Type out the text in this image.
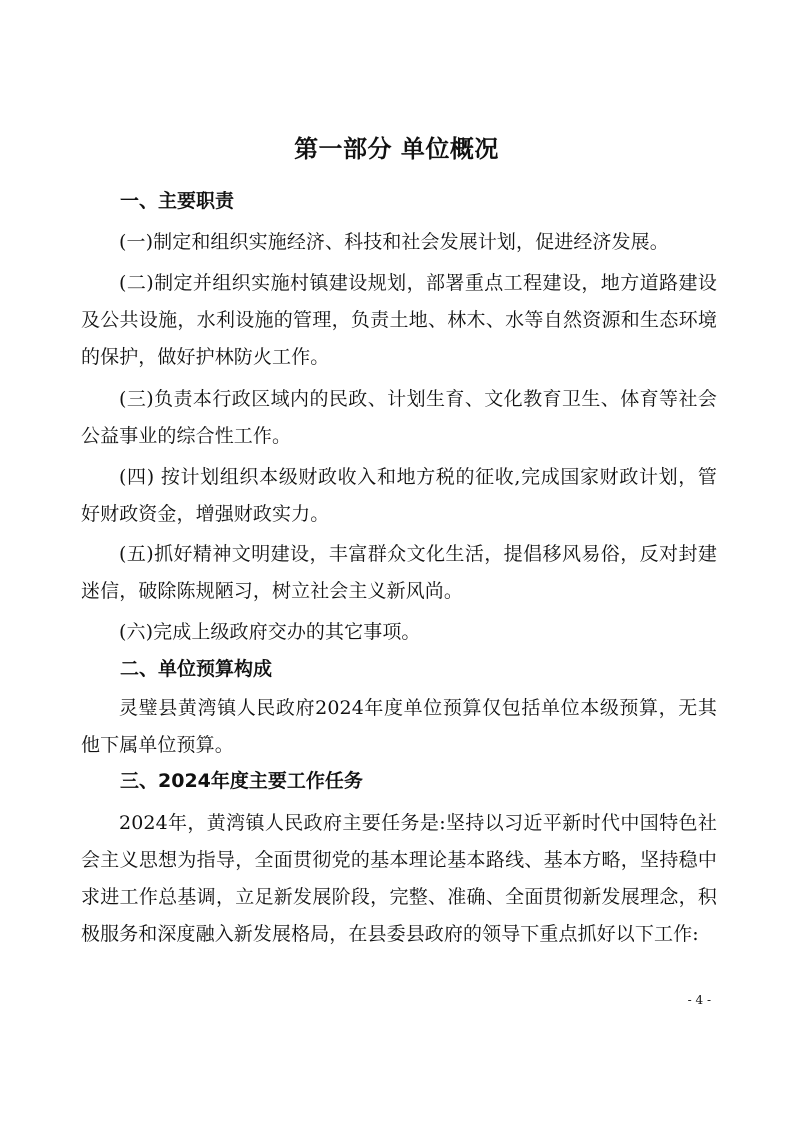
第一部分 单位概况

一、主要职责

(一)制定和组织实施经济、科技和社会发展计划，促进经济发展。

(二)制定并组织实施村镇建设规划，部署重点工程建设，地方道路建设及公共设施，水利设施的管理，负责土地、林木、水等自然资源和生态环境的保护，做好护林防火工作。

(三)负责本行政区域内的民政、计划生育、文化教育卫生、体育等社会公益事业的综合性工作。

(四) 按计划组织本级财政收入和地方税的征收,完成国家财政计划，管好财政资金，增强财政实力。

(五)抓好精神文明建设，丰富群众文化生活，提倡移风易俗，反对封建迷信，破除陈规陋习，树立社会主义新风尚。

(六)完成上级政府交办的其它事项。

二、单位预算构成

灵璧县黄湾镇人民政府2024年度单位预算仅包括单位本级预算，无其他下属单位预算。

三、2024年度主要工作任务

2024年，黄湾镇人民政府主要任务是:坚持以习近平新时代中国特色社会主义思想为指导，全面贯彻党的基本理论基本路线、基本方略，坚持稳中求进工作总基调，立足新发展阶段，完整、准确、全面贯彻新发展理念，积极服务和深度融入新发展格局，在县委县政府的领导下重点抓好以下工作:

- 4 -
